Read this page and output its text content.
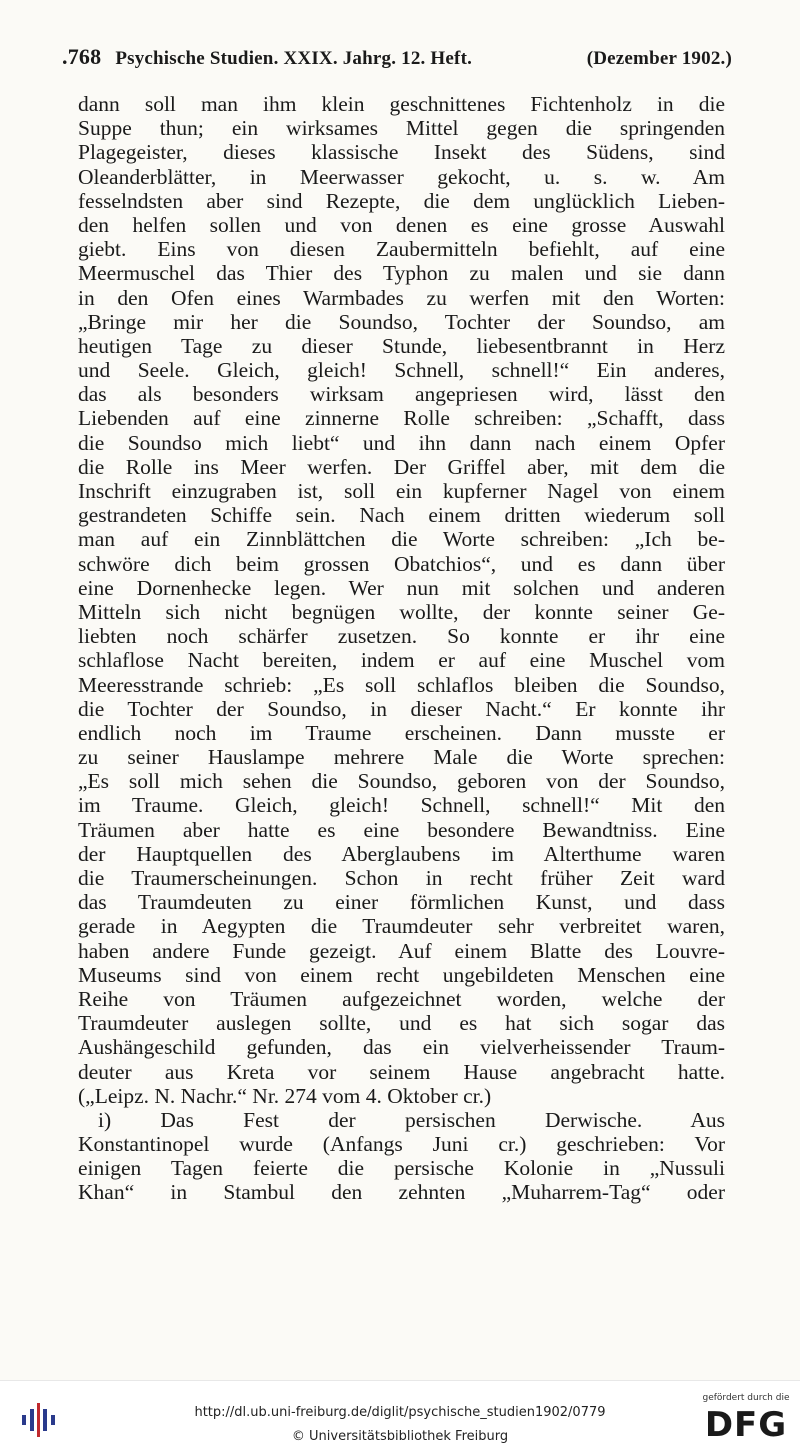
.768 Psychische Studien. XXIX. Jahrg. 12. Heft.	(Dezember 1902.)
dann soll man ihm klein geschnittenes Fichtenholz in die
Suppe thun; ein wirksames Mittel gegen die springenden
Plagegeister, dieses klassische Insekt des Südens, sind
Oleanderblätter, in Meerwasser gekocht, u. s. w. Am
fesselndsten aber sind Rezepte, die dem unglücklich Lieben-
den helfen sollen und von denen es eine grosse Auswahl
giebt. Eins von diesen Zaubermitteln befiehlt, auf eine
Meermuschel das Thier des Typhon zu malen und sie dann
in den Ofen eines Warmbades zu werfen mit den Worten:
„Bringe mir her die Soundso, Tochter der Soundso, am
heutigen Tage zu dieser Stunde, liebesentbrannt in Herz
und Seele. Gleich, gleich! Schnell, schnell!“ Ein anderes,
das als besonders wirksam angepriesen wird, lässt den
Liebenden auf eine zinnerne Rolle schreiben: „Schafft, dass
die Soundso mich liebt“ und ihn dann nach einem Opfer
die Rolle ins Meer werfen. Der Griffel aber, mit dem die
Inschrift einzugraben ist, soll ein kupferner Nagel von einem
gestrandeten Schiffe sein. Nach einem dritten wiederum soll
man auf ein Zinnblättchen die Worte schreiben: „Ich be-
schwöre dich beim grossen Obatchios“, und es dann über
eine Dornenhecke legen. Wer nun mit solchen und anderen
Mitteln sich nicht begnügen wollte, der konnte seiner Ge-
liebten noch schärfer zusetzen. So konnte er ihr eine
schlaflose Nacht bereiten, indem er auf eine Muschel vom
Meeresstrande schrieb: „Es soll schlaflos bleiben die Soundso,
die Tochter der Soundso, in dieser Nacht.“ Er konnte ihr
endlich noch im Traume erscheinen. Dann musste er
zu seiner Hauslampe mehrere Male die Worte sprechen:
„Es soll mich sehen die Soundso, geboren von der Soundso,
im Traume. Gleich, gleich! Schnell, schnell!“ Mit den
Träumen aber hatte es eine besondere Bewandtniss. Eine
der Hauptquellen des Aberglaubens im Alterthume waren
die Traumerscheinungen. Schon in recht früher Zeit ward
das Traumdeuten zu einer förmlichen Kunst, und dass
gerade in Aegypten die Traumdeuter sehr verbreitet waren,
haben andere Funde gezeigt. Auf einem Blatte des Louvre-
Museums sind von einem recht ungebildeten Menschen eine
Reihe von Träumen aufgezeichnet worden, welche der
Traumdeuter auslegen sollte, und es hat sich sogar das
Aushängeschild gefunden, das ein vielverheissender Traum-
deuter aus Kreta vor seinem Hause angebracht hatte.
(„Leipz. N. Nachr.“ Nr. 274 vom 4. Oktober cr.)
i) Das Fest der persischen Derwische. Aus
Konstantinopel wurde (Anfangs Juni cr.) geschrieben: Vor
einigen Tagen feierte die persische Kolonie in „Nussuli
Khan“ in Stambul den zehnten „Muharrem-Tag“ oder
http://dl.ub.uni-freiburg.de/diglit/psychische_studien1902/0779
© Universitätsbibliothek Freiburg
gefördert durch die
DFG
